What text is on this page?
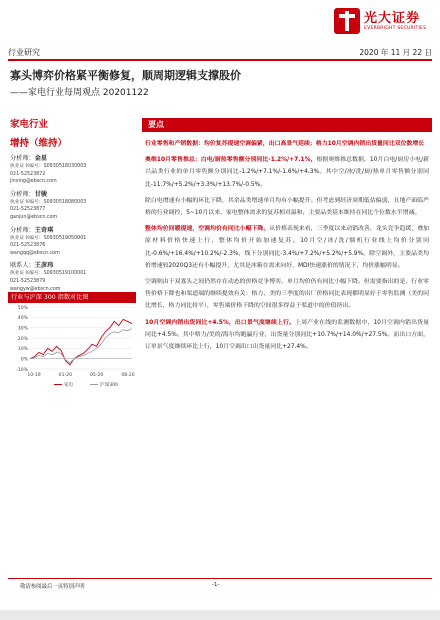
光大证券
EVERBRIGHT SECURITIES
行业研究	2020 年 11 月 22 日
寡头博弈价格紧平衡修复，顺周期逻辑支撑股价
——家电行业每周观点 20201122
家电行业
增持（维持）
分析师：金星
执业证书编号：S0930518030003
021-52523872
jinxing@ebscn.com
分析师：甘骏
执业证书编号：S0930518080003
021-52523877
ganjun@ebscn.com
分析师：王奇琪
执业证书编号：S0930519050001
021-52523876
wangqq@ebscn.com
联系人：王彦玮
执业证书编号：S0930519100001
021-52523879
wangyw@ebscn.com
行业与沪深 300 指数对比图
50%
40%
30%
20%
10%
0%
-10%
10-19	01-20	05-20	08-20
家电	沪深300
要点

行业零售和产销数据：均价复苏提速空调偏紧，出口高景气延续；格力10月空调内销出货量同比双位数增长

奥维10月零售推总：白电/厨热零售额分别同比-1.2%/+7.1%，根据奥维推总数据，10月白电/厨房小电/新兴品类行业的单月零售额分别同比-1.2%/+7.1%/-1.6%/+4.3%。其中空/冰/洗/厨/热单月零售额分别同比-11.7%/+5.2%/+3.3%/+13.7%/-0.5%。

除白电增速有小幅的环比下降，其余品类增速单月均有小幅提升。但考虑到经济周期低估偏弱，且地产面临严格的行业调控，5~10月以来，家电整体需求的复苏相对温和，主要品类基本维持在同比个位数水平增减。

整体均价回暖提速，空调均价有同比小幅下降。从价格表现来看，三季度以来动销改善，龙头竞争趋缓，叠加原材料价格快速上行，整体均价开始加速复苏。10月空/冰/洗/烟机行业线上均价分别同比-0.6%/+16.4%/+10.2%/-2.3%，线下分别同比-3.4%/+7.2%/+5.2%/+5.9%。除空调外，主要品类均价增速较2020Q3还有小幅提升，尤其是冰箱在需求向好，MDI快速涨价的情况下，均价涨幅明显。

空调则由于双寡头之间仍然存在动态的价格竞争博弈，单月均价仍有同比小幅下降。但需要指出的是，行业零售价格下降也和渠道端的继续提效有关：格力、美的三季度的出厂价格同比表现都明显好于零售监测（美的同比增长，格力同比持平），零售端价格下降的空间很多得益于渠道中的价值挤出。

10月空调内销出货同比+4.5%，出口景气度继续上行。上周产业在线的监测数据中，10月空调内销出货量同比+4.5%。其中格力/美的/海尔均跑赢行业，出货量分别同比+10.7%/+14.0%/+27.5%。而出口方面，订单景气度继续环比上行，10月空调出口出货量同比+27.4%。

敬请参阅最后一页特别声明	-1-
